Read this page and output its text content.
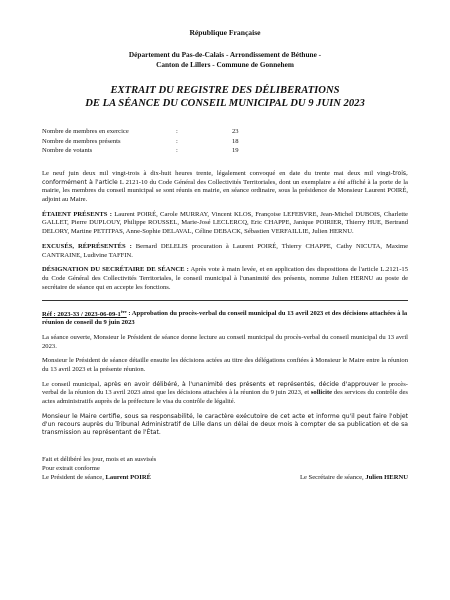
République Française
Département du Pas-de-Calais - Arrondissement de Béthune -
Canton de Lillers - Commune de Gonnehem
EXTRAIT DU REGISTRE DES DÉLIBERATIONS
DE LA SÉANCE DU CONSEIL MUNICIPAL DU 9 JUIN 2023
Nombre de membres en exercice	:	23
Nombre de membres présents	:	18
Nombre de votants	:	19

Le neuf juin deux mil vingt-trois à dix-huit heures trente, légalement convoqué en date du trente mai deux mil vingt-trois, conformément à l'article L 2121-10 du Code Général des Collectivités Territoriales, dont un exemplaire a été affiché à la porte de la mairie, les membres du conseil municipal se sont réunis en mairie, en séance ordinaire, sous la présidence de Monsieur Laurent POIRÉ, adjoint au Maire.

ÉTAIENT PRÉSENTS : Laurent POIRÉ, Carole MURRAY, Vincent KLOS, Françoise LEFEBVRE, Jean-Michel DUBOIS, Charlette GALLET, Pierre DUPLOUY, Philippe ROUSSEL, Marie-José LECLERCQ, Eric CHAPPE, Janique POIRIER, Thierry HUE, Bertrand DELORY, Martine PETITPAS, Anne-Sophie DELAVAL, Céline DEBACK, Sébastien VERFAILLIE, Julien HERNU.

EXCUSÉS, RÉPRÉSENTÉS : Bernard DELELIS procuration à Laurent POIRÉ, Thierry CHAPPE, Cathy NICUTA, Maxime CANTRAINE, Ludivine TAFFIN.

DÉSIGNATION DU SECRÉTAIRE DE SÉANCE : Après vote à main levée, et en application des dispositions de l'article L.2121-15 du Code Général des Collectivités Territoriales, le conseil municipal à l'unanimité des présents, nomme Julien HERNU au poste de secrétaire de séance qui en accepte les fonctions.

Réf : 2023-33 / 2023-06-09-1ère : Approbation du procès-verbal du conseil municipal du 13 avril 2023 et des décisions attachées à la réunion de conseil du 9 juin 2023

La séance ouverte, Monsieur le Président de séance donne lecture au conseil municipal du procès-verbal du conseil municipal du 13 avril 2023.

Monsieur le Président de séance détaille ensuite les décisions actées au titre des délégations confiées à Monsieur le Maire entre la réunion du 13 avril 2023 et la présente réunion.

Le conseil municipal, après en avoir délibéré, à l'unanimité des présents et représentés, décide d'approuver le procès-verbal de la réunion du 13 avril 2023 ainsi que les décisions attachées à la réunion du 9 juin 2023, et sollicite des services du contrôle des actes administratifs auprès de la préfecture le visa du contrôle de légalité.

Monsieur le Maire certifie, sous sa responsabilité, le caractère exécutoire de cet acte et informe qu'il peut faire l'objet d'un recours auprès du Tribunal Administratif de Lille dans un délai de deux mois à compter de sa publication et de sa transmission au représentant de l'État.

Fait et délibéré les jour, mois et an susvisés
Pour extrait conforme
Le Président de séance, Laurent POIRÉ	Le Secrétaire de séance, Julien HERNU
